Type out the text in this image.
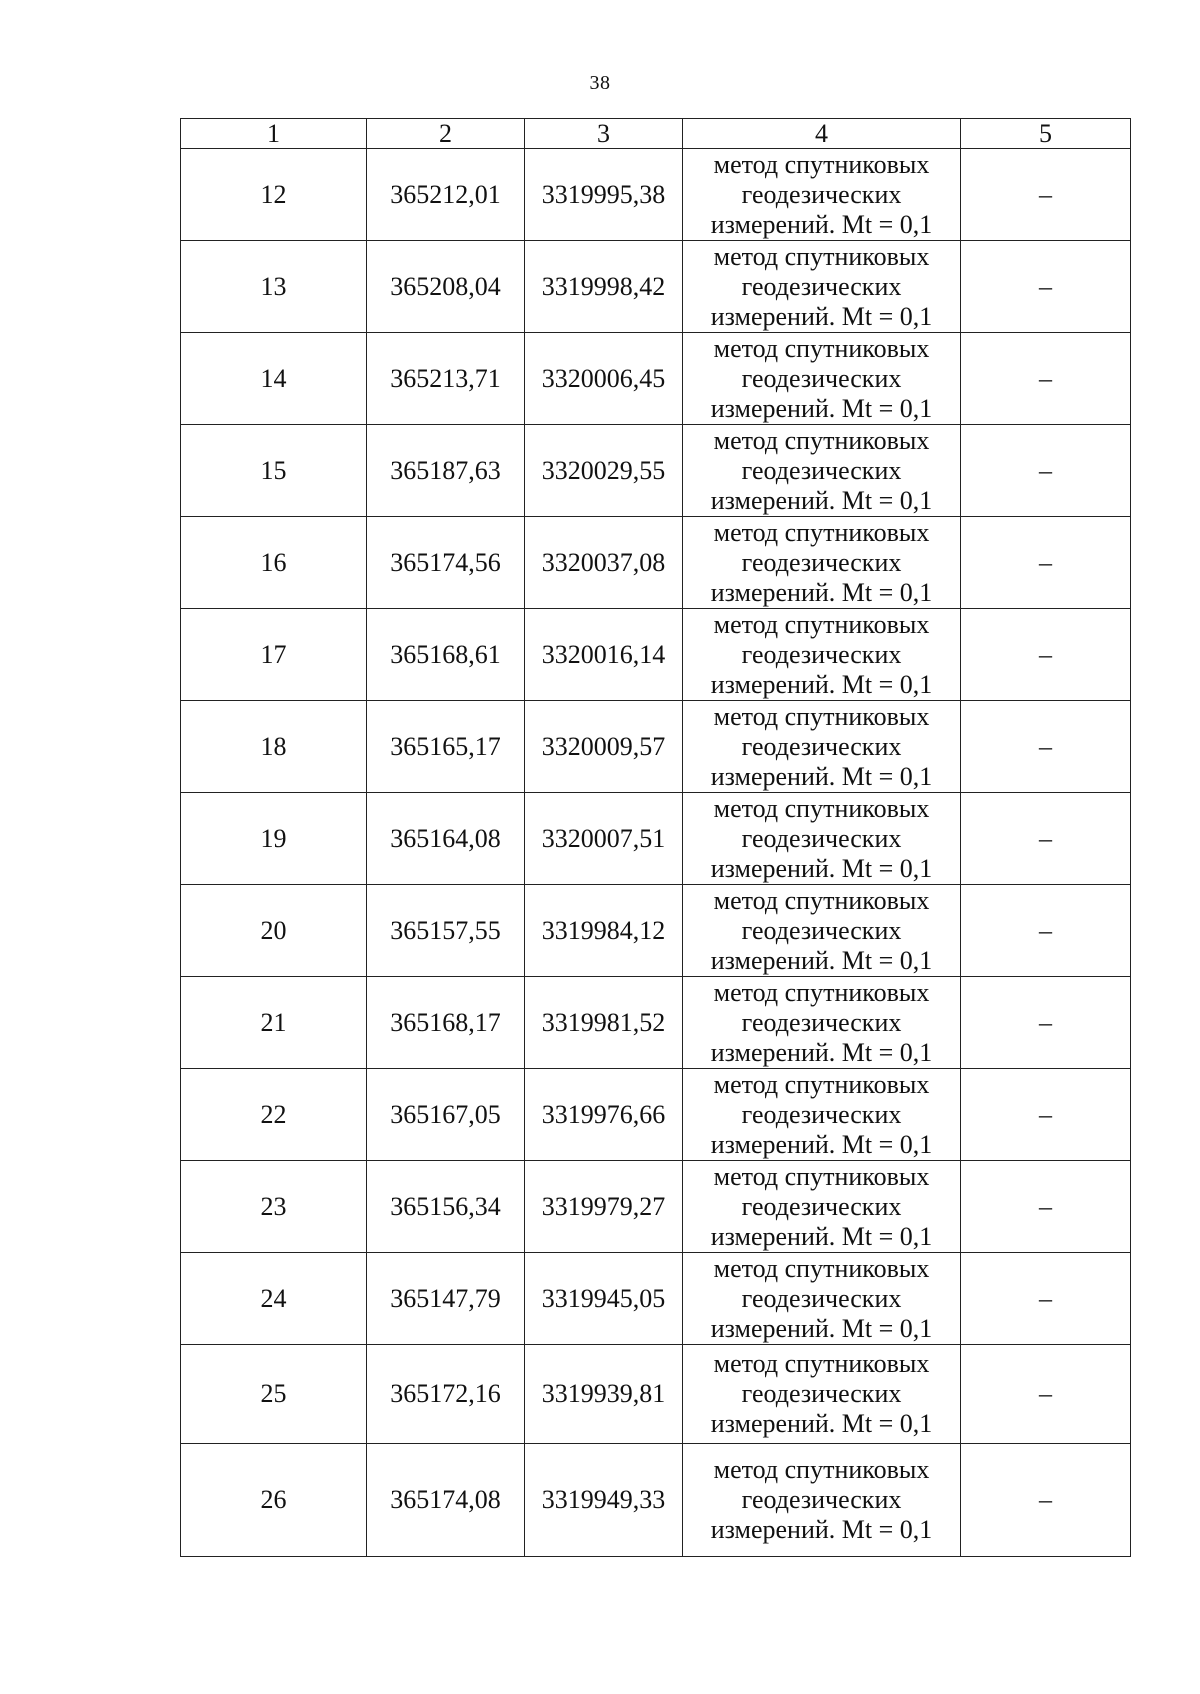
38
1	2	3	4	5
12	365212,01	3319995,38	метод спутниковых
геодезических
измерений. Mt = 0,1	–
13	365208,04	3319998,42	метод спутниковых
геодезических
измерений. Mt = 0,1	–
14	365213,71	3320006,45	метод спутниковых
геодезических
измерений. Mt = 0,1	–
15	365187,63	3320029,55	метод спутниковых
геодезических
измерений. Mt = 0,1	–
16	365174,56	3320037,08	метод спутниковых
геодезических
измерений. Mt = 0,1	–
17	365168,61	3320016,14	метод спутниковых
геодезических
измерений. Mt = 0,1	–
18	365165,17	3320009,57	метод спутниковых
геодезических
измерений. Mt = 0,1	–
19	365164,08	3320007,51	метод спутниковых
геодезических
измерений. Mt = 0,1	–
20	365157,55	3319984,12	метод спутниковых
геодезических
измерений. Mt = 0,1	–
21	365168,17	3319981,52	метод спутниковых
геодезических
измерений. Mt = 0,1	–
22	365167,05	3319976,66	метод спутниковых
геодезических
измерений. Mt = 0,1	–
23	365156,34	3319979,27	метод спутниковых
геодезических
измерений. Mt = 0,1	–
24	365147,79	3319945,05	метод спутниковых
геодезических
измерений. Mt = 0,1	–
25	365172,16	3319939,81	метод спутниковых
геодезических
измерений. Mt = 0,1	–
26	365174,08	3319949,33	метод спутниковых
геодезических
измерений. Mt = 0,1	–
